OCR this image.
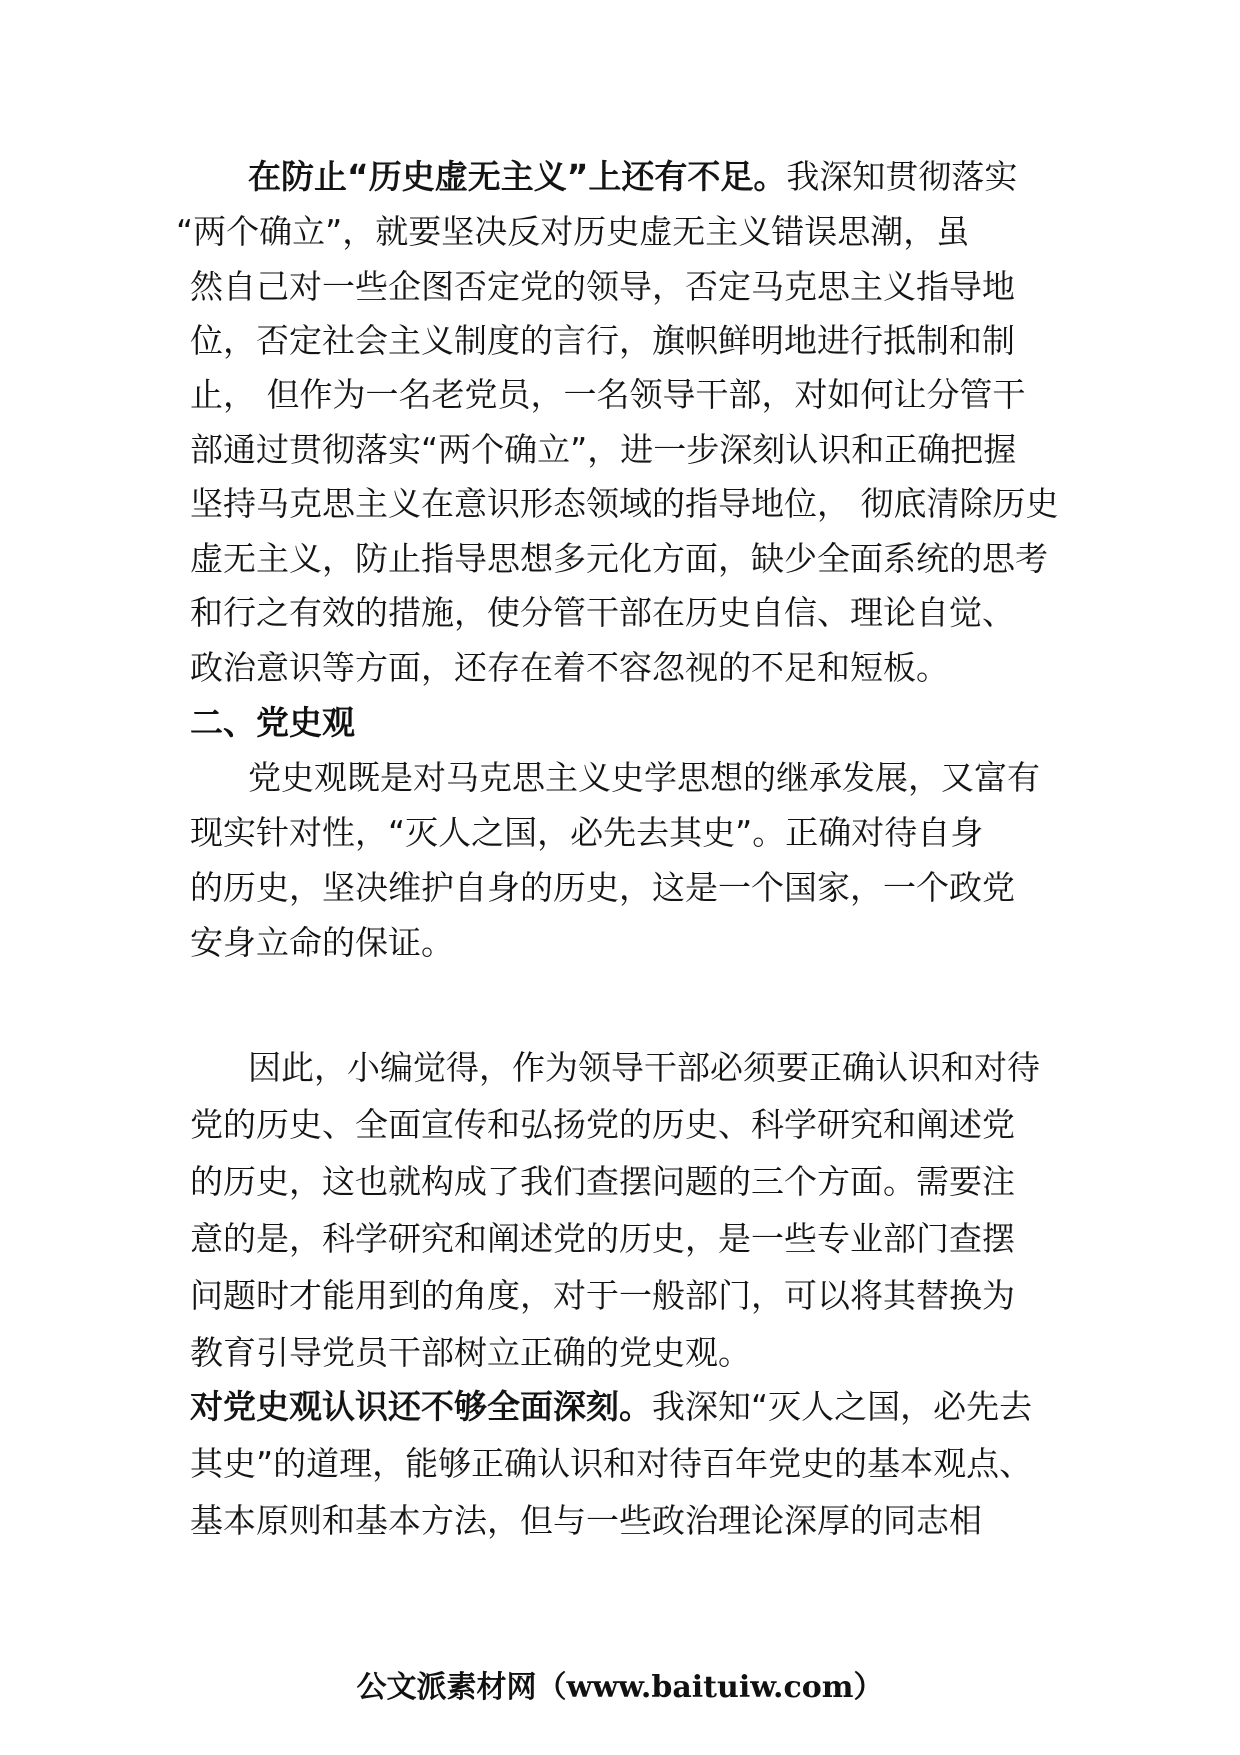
在防止“历史虚无主义”上还有不足。我深知贯彻落实
“两个确立”，就要坚决反对历史虚无主义错误思潮，虽
然自己对一些企图否定党的领导，否定马克思主义指导地
位，否定社会主义制度的言行，旗帜鲜明地进行抵制和制
止， 但作为一名老党员，一名领导干部，对如何让分管干
部通过贯彻落实“两个确立”，进一步深刻认识和正确把握
坚持马克思主义在意识形态领域的指导地位， 彻底清除历史
虚无主义，防止指导思想多元化方面，缺少全面系统的思考
和行之有效的措施，使分管干部在历史自信、理论自觉、
政治意识等方面，还存在着不容忽视的不足和短板。
二、党史观
党史观既是对马克思主义史学思想的继承发展，又富有
现实针对性，“灭人之国，必先去其史”。正确对待自身
的历史，坚决维护自身的历史，这是一个国家，一个政党
安身立命的保证。
因此，小编觉得，作为领导干部必须要正确认识和对待
党的历史、全面宣传和弘扬党的历史、科学研究和阐述党
的历史，这也就构成了我们查摆问题的三个方面。需要注
意的是，科学研究和阐述党的历史，是一些专业部门查摆
问题时才能用到的角度，对于一般部门，可以将其替换为
教育引导党员干部树立正确的党史观。
对党史观认识还不够全面深刻。我深知“灭人之国，必先去
其史”的道理，能够正确认识和对待百年党史的基本观点、
基本原则和基本方法，但与一些政治理论深厚的同志相
公文派素材网（www.baituiw.com）
